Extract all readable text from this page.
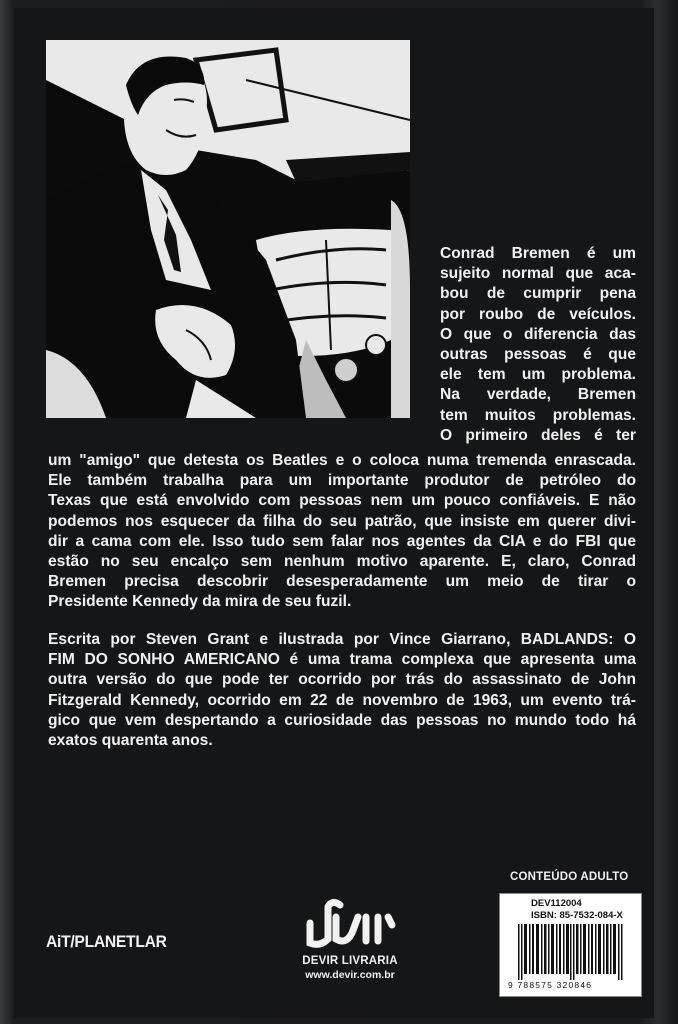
Conrad Bremen é um
sujeito normal que aca-
bou de cumprir pena
por roubo de veículos.
O que o diferencia das
outras pessoas é que
ele tem um problema.
Na verdade, Bremen
tem muitos problemas.
O primeiro deles é ter
um "amigo" que detesta os Beatles e o coloca numa tremenda enrascada.
Ele também trabalha para um importante produtor de petróleo do
Texas que está envolvido com pessoas nem um pouco confiáveis. E não
podemos nos esquecer da filha do seu patrão, que insiste em querer divi-
dir a cama com ele. Isso tudo sem falar nos agentes da CIA e do FBI que
estão no seu encalço sem nenhum motivo aparente. E, claro, Conrad
Bremen precisa descobrir desesperadamente um meio de tirar o
Presidente Kennedy da mira de seu fuzil.
Escrita por Steven Grant e ilustrada por Vince Giarrano, BADLANDS: O
FIM DO SONHO AMERICANO é uma trama complexa que apresenta uma
outra versão do que pode ter ocorrido por trás do assassinato de John
Fitzgerald Kennedy, ocorrido em 22 de novembro de 1963, um evento trá-
gico que vem despertando a curiosidade das pessoas no mundo todo há
exatos quarenta anos.
AiT/PLANETLAR
DEVIR LIVRARIA
www.devir.com.br
CONTEÚDO ADULTO
DEV112004
ISBN: 85-7532-084-X
9 788575 320846
